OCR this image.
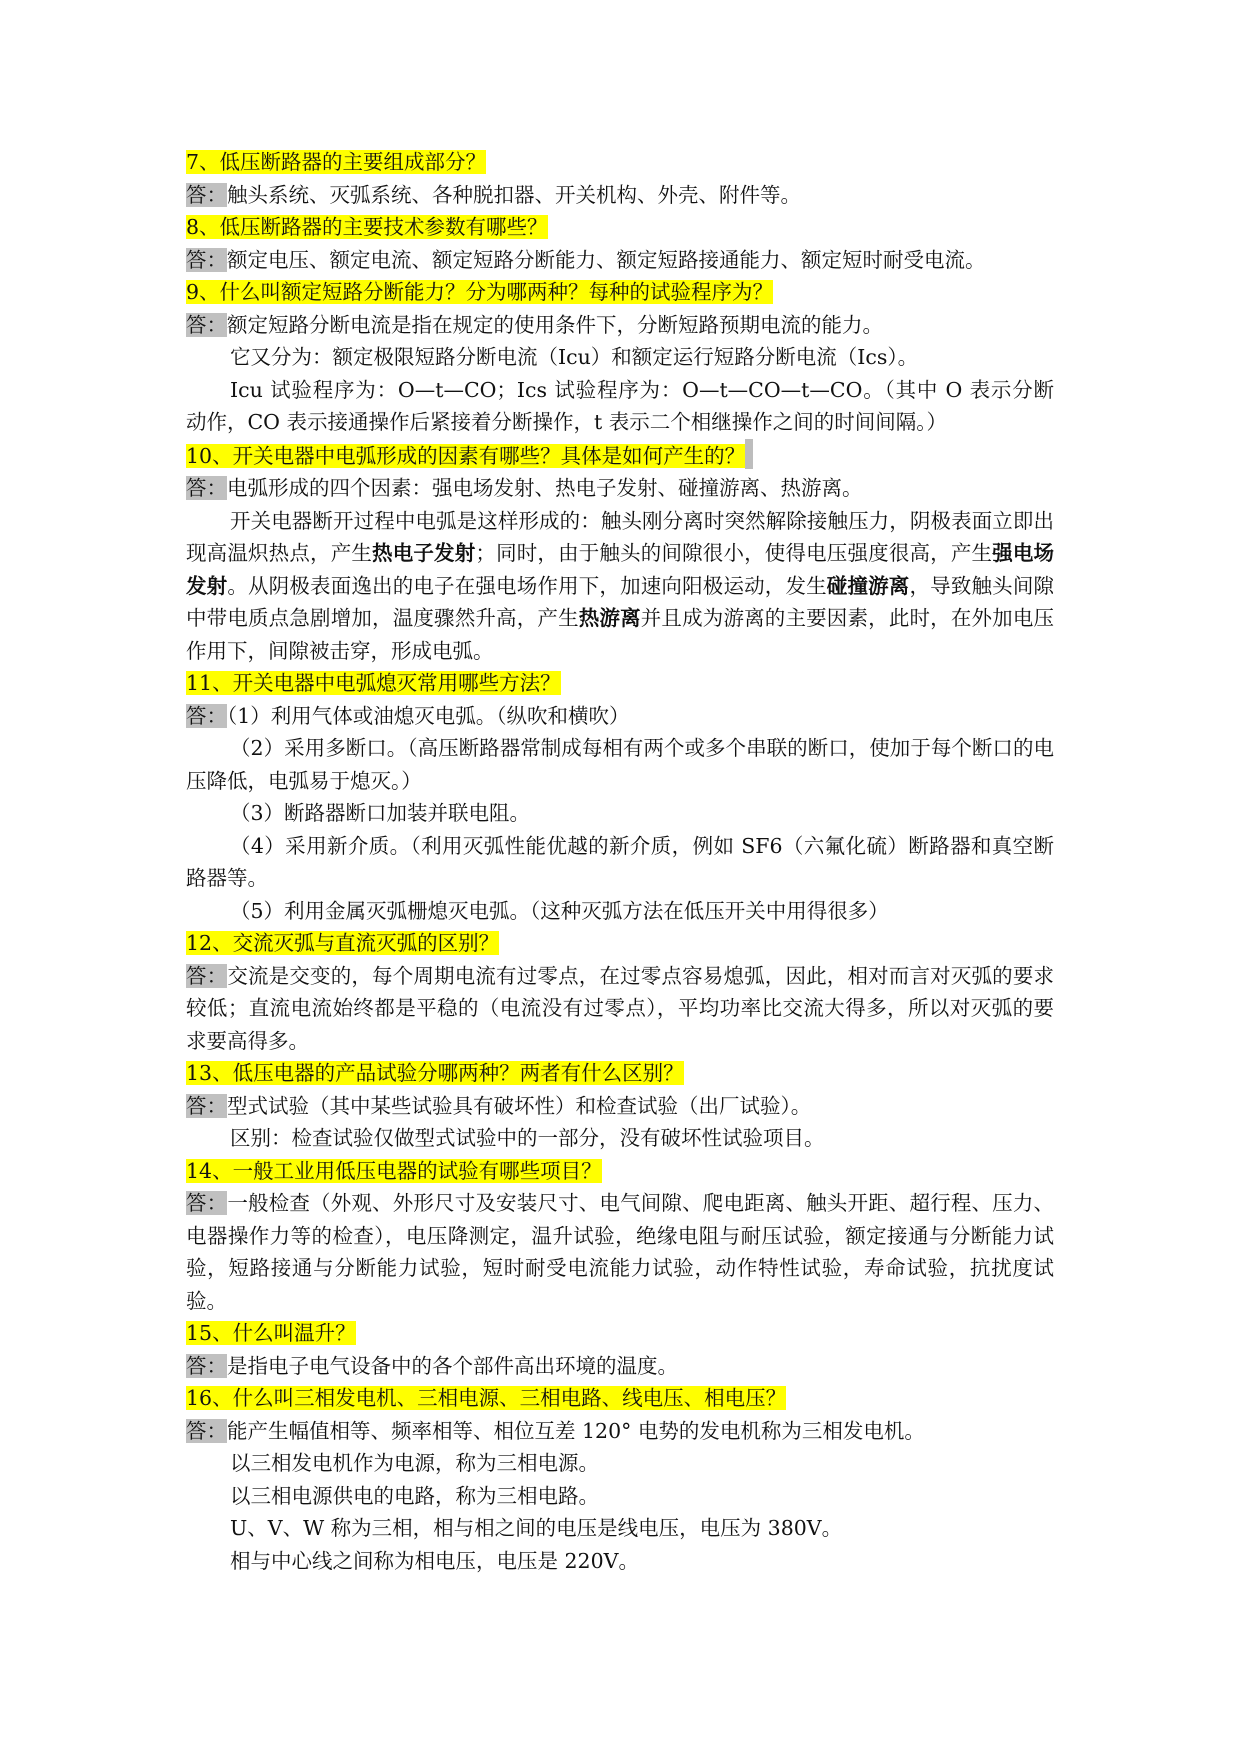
7、低压断路器的主要组成部分？
答：触头系统、灭弧系统、各种脱扣器、开关机构、外壳、附件等。
8、低压断路器的主要技术参数有哪些？
答：额定电压、额定电流、额定短路分断能力、额定短路接通能力、额定短时耐受电流。
9、什么叫额定短路分断能力？分为哪两种？每种的试验程序为？
答：额定短路分断电流是指在规定的使用条件下，分断短路预期电流的能力。
它又分为：额定极限短路分断电流（Icu）和额定运行短路分断电流（Ics）。
Icu 试验程序为：O—t—CO；Ics 试验程序为：O—t—CO—t—CO。（其中 O 表示分断动作，CO 表示接通操作后紧接着分断操作，t 表示二个相继操作之间的时间间隔。）
10、开关电器中电弧形成的因素有哪些？具体是如何产生的？
答：电弧形成的四个因素：强电场发射、热电子发射、碰撞游离、热游离。
开关电器断开过程中电弧是这样形成的：触头刚分离时突然解除接触压力，阴极表面立即出现高温炽热点，产生热电子发射；同时，由于触头的间隙很小，使得电压强度很高，产生强电场发射。从阴极表面逸出的电子在强电场作用下，加速向阳极运动，发生碰撞游离，导致触头间隙中带电质点急剧增加，温度骤然升高，产生热游离并且成为游离的主要因素，此时，在外加电压作用下，间隙被击穿，形成电弧。
11、开关电器中电弧熄灭常用哪些方法？
答：（1）利用气体或油熄灭电弧。（纵吹和横吹）
（2）采用多断口。（高压断路器常制成每相有两个或多个串联的断口，使加于每个断口的电压降低，电弧易于熄灭。）
（3）断路器断口加装并联电阻。
（4）采用新介质。（利用灭弧性能优越的新介质，例如 SF6（六氟化硫）断路器和真空断路器等。
（5）利用金属灭弧栅熄灭电弧。（这种灭弧方法在低压开关中用得很多）
12、交流灭弧与直流灭弧的区别？
答：交流是交变的，每个周期电流有过零点，在过零点容易熄弧，因此，相对而言对灭弧的要求较低；直流电流始终都是平稳的（电流没有过零点），平均功率比交流大得多，所以对灭弧的要求要高得多。
13、低压电器的产品试验分哪两种？两者有什么区别？
答：型式试验（其中某些试验具有破坏性）和检查试验（出厂试验）。
区别：检查试验仅做型式试验中的一部分，没有破坏性试验项目。
14、一般工业用低压电器的试验有哪些项目？
答：一般检查（外观、外形尺寸及安装尺寸、电气间隙、爬电距离、触头开距、超行程、压力、电器操作力等的检查），电压降测定，温升试验，绝缘电阻与耐压试验，额定接通与分断能力试验，短路接通与分断能力试验，短时耐受电流能力试验，动作特性试验，寿命试验，抗扰度试验。
15、什么叫温升？
答：是指电子电气设备中的各个部件高出环境的温度。
16、什么叫三相发电机、三相电源、三相电路、线电压、相电压？
答：能产生幅值相等、频率相等、相位互差 120° 电势的发电机称为三相发电机。
以三相发电机作为电源，称为三相电源。
以三相电源供电的电路，称为三相电路。
U、V、W 称为三相，相与相之间的电压是线电压，电压为 380V。
相与中心线之间称为相电压，电压是 220V。
